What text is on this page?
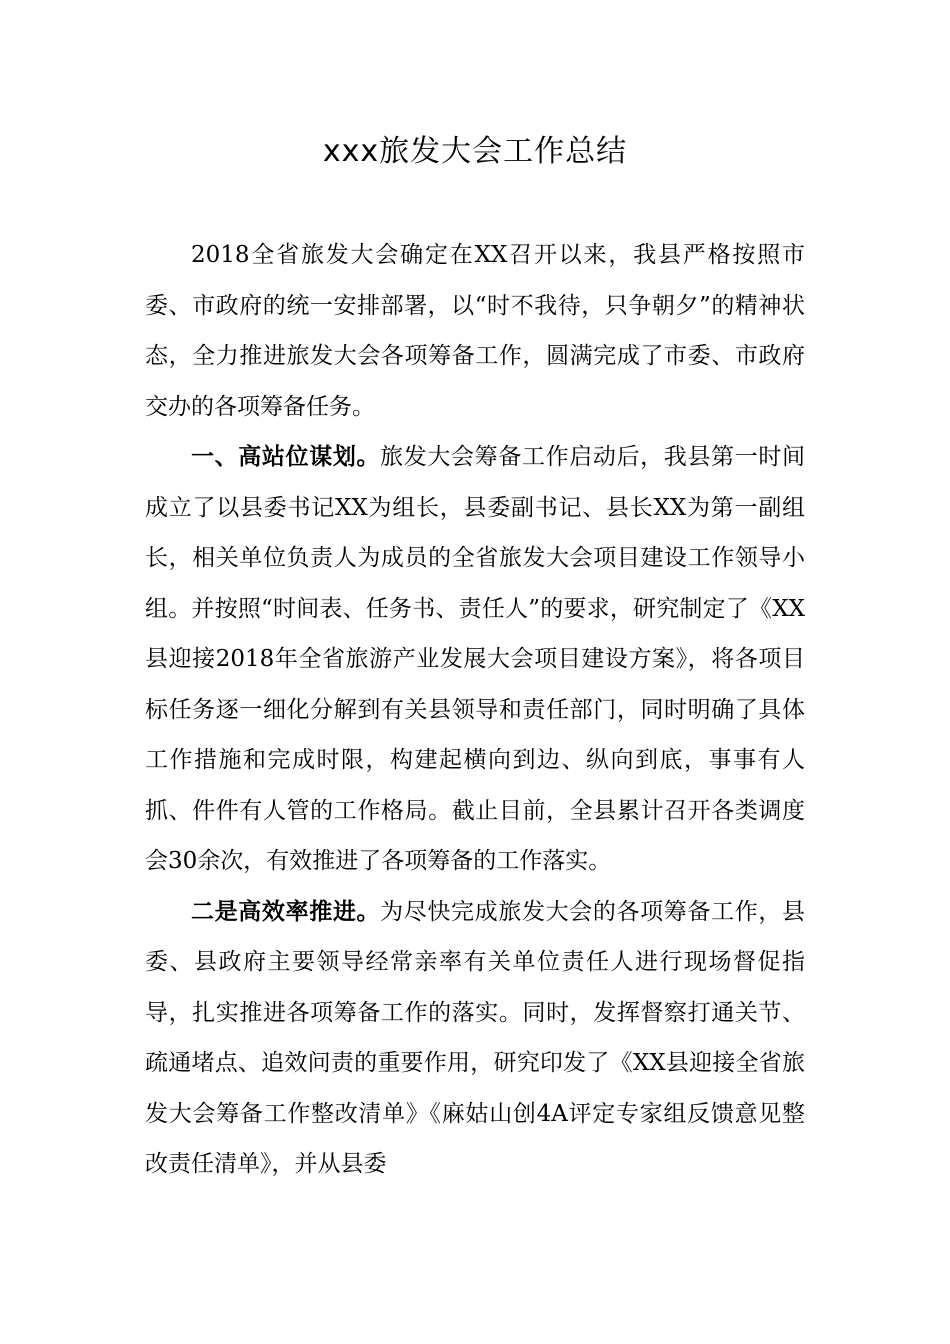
xxx旅发大会工作总结

2018全省旅发大会确定在XX召开以来，我县严格按照市委、市政府的统一安排部署，以“时不我待，只争朝夕”的精神状态，全力推进旅发大会各项筹备工作，圆满完成了市委、市政府交办的各项筹备任务。

一、高站位谋划。旅发大会筹备工作启动后，我县第一时间成立了以县委书记XX为组长，县委副书记、县长XX为第一副组长，相关单位负责人为成员的全省旅发大会项目建设工作领导小组。并按照“时间表、任务书、责任人”的要求，研究制定了《XX县迎接2018年全省旅游产业发展大会项目建设方案》，将各项目标任务逐一细化分解到有关县领导和责任部门，同时明确了具体工作措施和完成时限，构建起横向到边、纵向到底，事事有人抓、件件有人管的工作格局。截止目前，全县累计召开各类调度会30余次，有效推进了各项筹备的工作落实。

二是高效率推进。为尽快完成旅发大会的各项筹备工作，县委、县政府主要领导经常亲率有关单位责任人进行现场督促指导，扎实推进各项筹备工作的落实。同时，发挥督察打通关节、疏通堵点、追效问责的重要作用，研究印发了《XX县迎接全省旅发大会筹备工作整改清单》《麻姑山创4A评定专家组反馈意见整改责任清单》，并从县委
